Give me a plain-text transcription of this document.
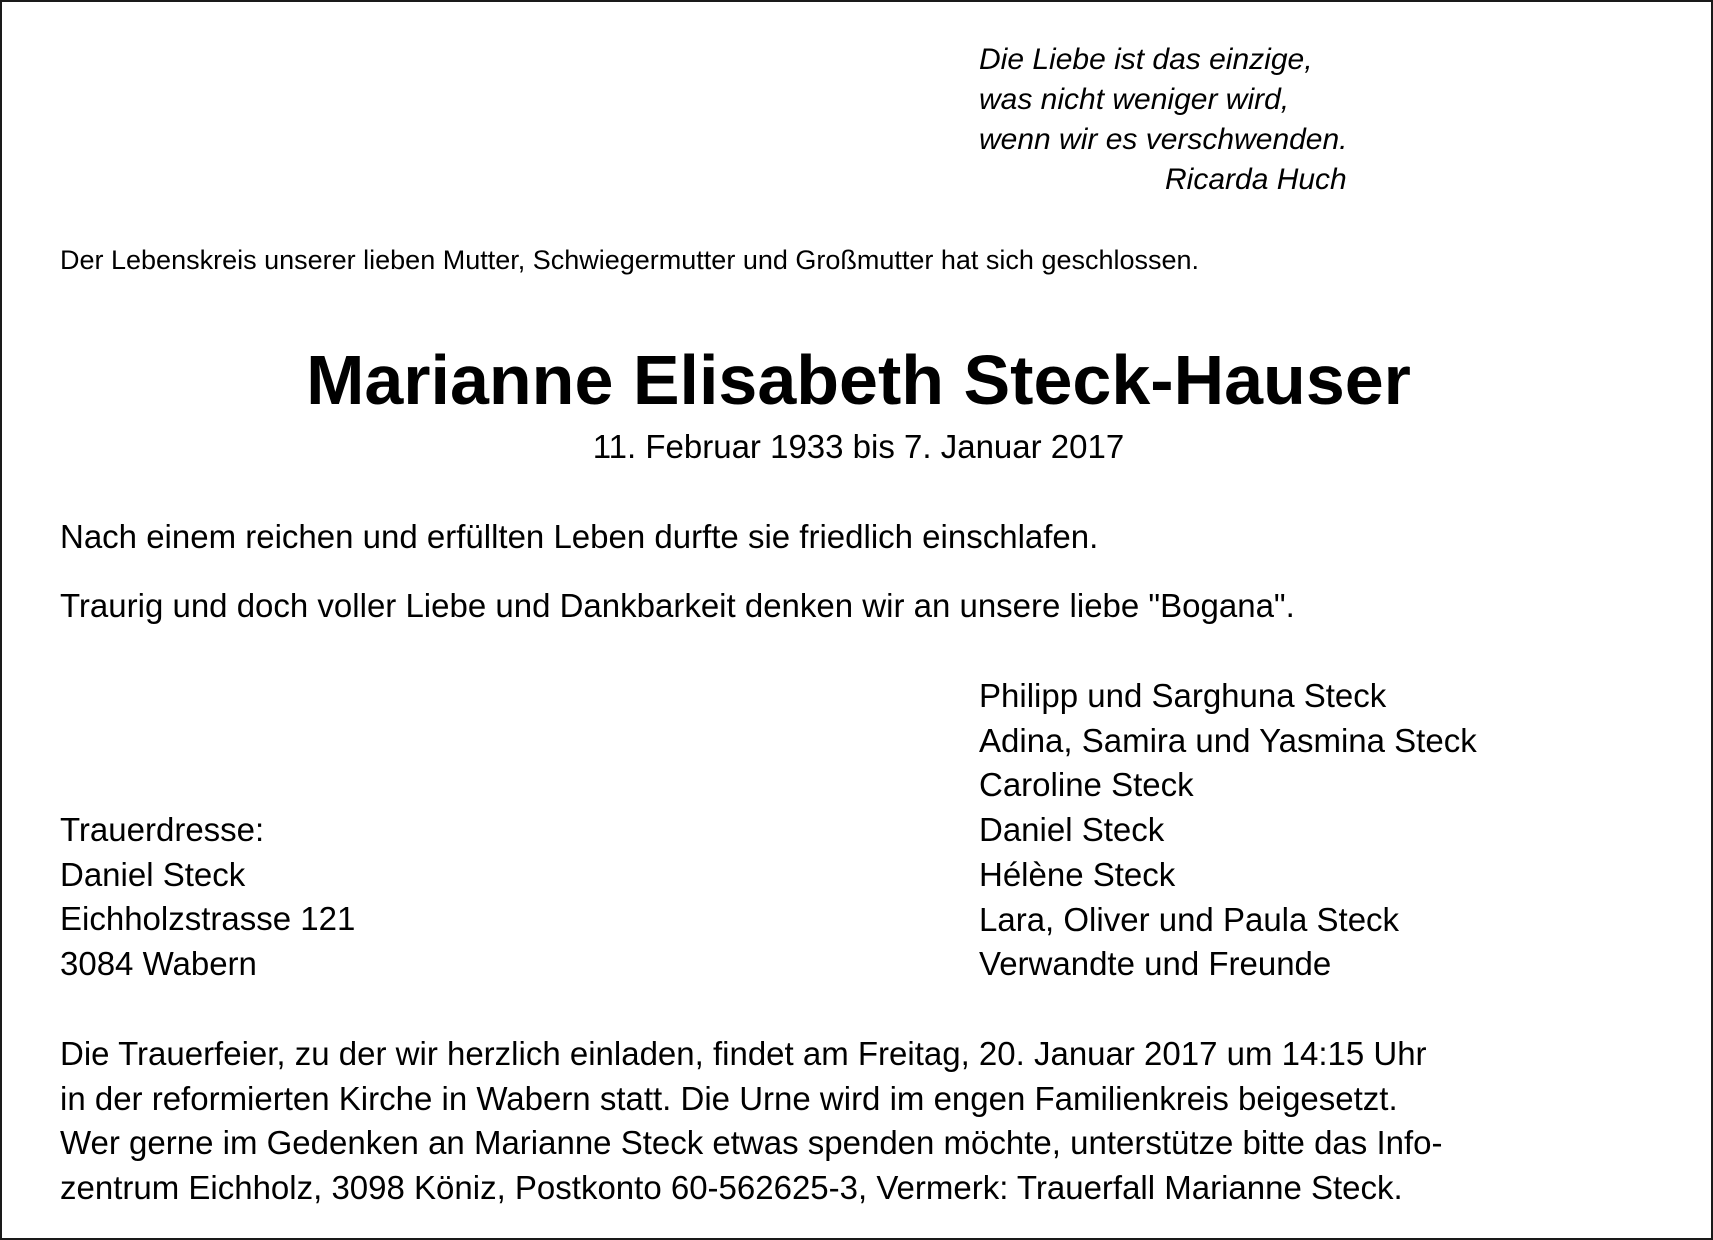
Die Liebe ist das einzige,
was nicht weniger wird,
wenn wir es verschwenden.
Ricarda Huch
Der Lebenskreis unserer lieben Mutter, Schwiegermutter und Großmutter hat sich geschlossen.
Marianne Elisabeth Steck-Hauser
11. Februar 1933 bis 7. Januar 2017
Nach einem reichen und erfüllten Leben durfte sie friedlich einschlafen.
Traurig und doch voller Liebe und Dankbarkeit denken wir an unsere liebe "Bogana".
Philipp und Sarghuna Steck
Adina, Samira und Yasmina Steck
Caroline Steck
Daniel Steck
Hélène Steck
Lara, Oliver und Paula Steck
Verwandte und Freunde
Trauerdresse:
Daniel Steck
Eichholzstrasse 121
3084 Wabern
Die Trauerfeier, zu der wir herzlich einladen, findet am Freitag, 20. Januar 2017 um 14:15 Uhr
in der reformierten Kirche in Wabern statt. Die Urne wird im engen Familienkreis beigesetzt.
Wer gerne im Gedenken an Marianne Steck etwas spenden möchte, unterstütze bitte das Info-
zentrum Eichholz, 3098 Köniz, Postkonto 60-562625-3, Vermerk: Trauerfall Marianne Steck.
